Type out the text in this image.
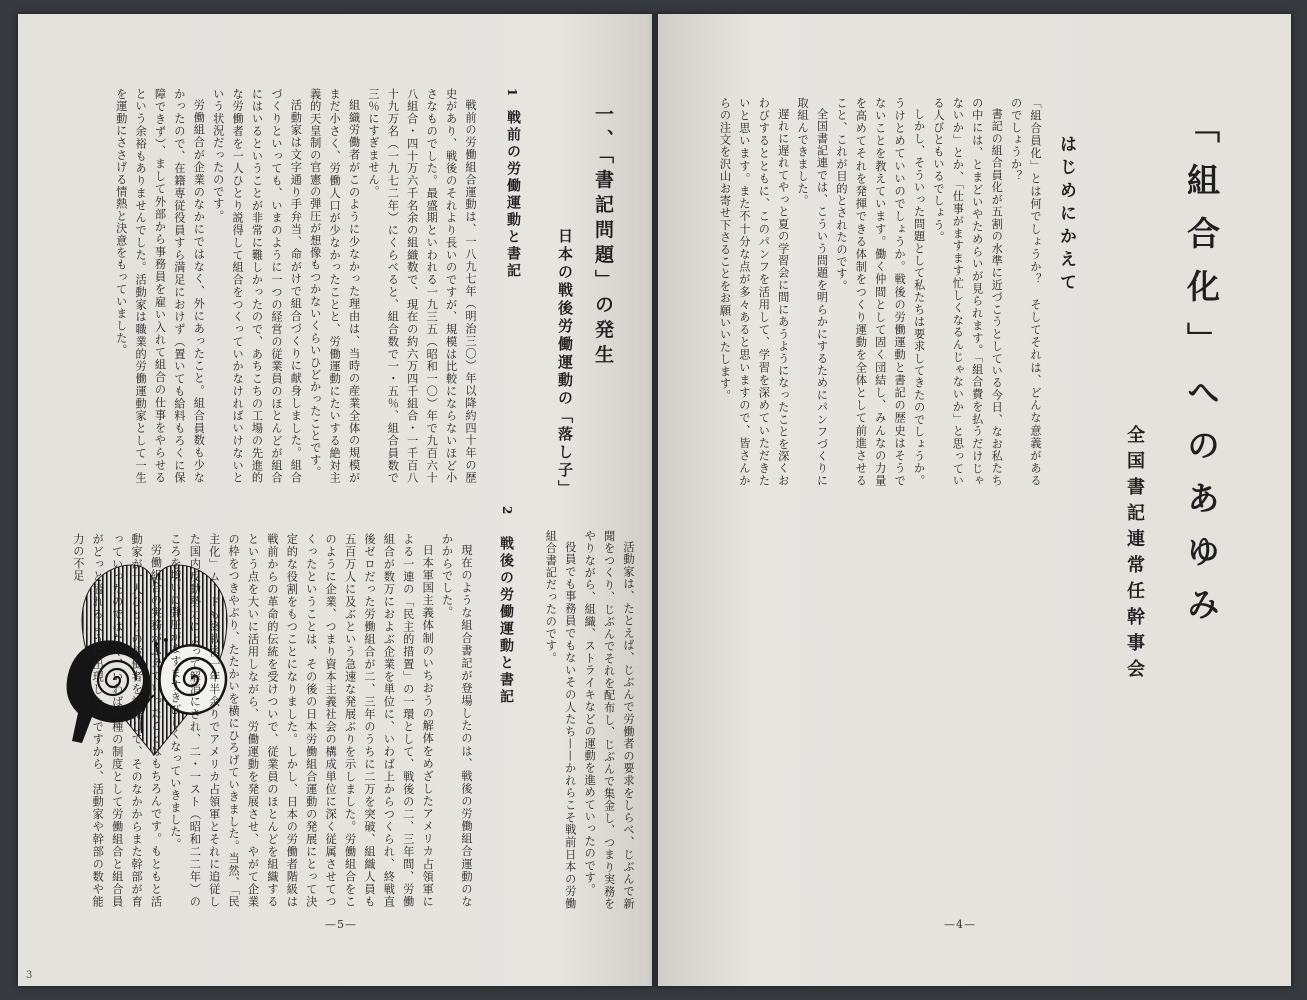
「組合化」へのあゆみ
全国書記連常任幹事会
はじめにかえて

「組合員化」とは何でしょうか？　そしてそれは、どんな意義があるのでしょうか？

書記の組合員化が五割の水準に近づこうとしている今日、なお私たちの中には、とまどいやためらいが見られます。「組合費を払うだけじゃないか」とか、「仕事がますます忙しくなるんじゃないか」と思っている人びともいるでしょう。

しかし、そういった問題として私たちは要求してきたのでしょうか。うけとめていいのでしょうか。戦後の労働運動と書記の歴史はそうでないことを教えています。働く仲間として固く団結し、みんなの力量を高めてそれを発揮できる体制をつくり運動を全体として前進させること、これが目的とされたのです。

全国書記連では、こういう問題を明らかにするためにパンフづくりに取組んできました。

遅れに遅れてやっと夏の学習会に間にあうようになったことを深くおわびするとともに、このパンフを活用して、学習を深めていただきたいと思います。また不十分な点が多々あると思いますので、皆さんからの注文を沢山お寄せ下さることをお願いいたします。

—4—
一、「書記問題」の発生
日本の戦後労働運動の「落し子」
1
戦前の労働運動と書記

戦前の労働組合運動は、一八九七年（明治三〇）年以降約四十年の歴史があり、戦後のそれより長いのですが、規模は比較にならないほど小さなものでした。最盛期といわれる一九三五（昭和一〇）年で九百六十八組合・四十万六千名余の組織数で、現在の約六万四千組合・一千百八十九万名（一九七二年）にくらべると、組合数で一・五％、組合員数で三％にすぎません。

組織労働者がこのように少なかった理由は、当時の産業全体の規模がまだ小さく、労働人口が少なかったことと、労働運動にたいする絶対主義的天皇制の官憲の弾圧が想像もつかないくらいひどかったことです。

活動家は文字通り手弁当、命がけで組合づくりに献身しました。組合づくりといっても、いまのように一つの経営の従業員のほとんどが組合にはいるということが非常に難しかったので、あちこちの工場の先進的な労働者を一人ひとり説得して組合をつくっていかなければいけないという状況だったのです。

労働組合が企業のなかにではなく、外にあったこと。組合員数も少なかったので、在籍専従役員すら満足におけず（置いても給料もろくに保障できず）、まして外部から事務員を雇い入れて組合の仕事をやらせるという余裕もありませんでした。活動家は職業的労働運動家として一生を運動にささげる情熱と決意をもっていました。

活動家は、たとえば、じぶんで労働者の要求をしらべ、じぶんで新聞をつくり、じぶんでそれを配布し、じぶんで集金し、つまり実務をやりながら、組織、ストライキなどの運動を進めていったのです。

役員でも事務員でもないその人たち——かれらこそ戦前日本の労働組合書記だったのです。

2
戦後の労働運動と書記

現在のような組合書記が登場したのは、戦後の労働組合運動のなかからでした。

日本軍国主義体制のいちおうの解体をめざしたアメリカ占領軍による一連の「民主的措置」の一環として、戦後の二、三年間、労働組合が数万におよぶ企業を単位に、いわば上からつくられ、終戦直後ゼロだった労働組合が二、三年のうちに二万を突破、組織人員も五百万人に及ぶという急速な発展ぶりを示しました。労働組合をこのように企業、つまり資本主義社会の構成単位に深く従属させてつくったということは、その後の日本労働組合運動の発展にとって決定的な役割をもつことになりました。しかし、日本の労働者階級は戦前からの革命的伝統を受けついで、従業員のほとんどを組織するという点を大いに活用しながら、労働運動を発展させ、やがて企業の枠をつきやぶり、たたかいを横にひろげていきました。当然、「民主化」ムードも終戦後一年半余りでアメリカ占領軍とそれに追従した国内反動勢力によって解消にされ、二・一スト（昭和二二年）のころを境いに弾圧がますますきびしくなっていきました。

労働組合の実務がふえていったことはもちろんです。もともと活動家が一人ひとりの労働者を説得して、そのなかからまた幹部が育っていったのではなく、いわば一種の制度として労働組合と組合員がどっと溢れるように出現したのですから、活動家や幹部の数や能力の不足

—5—
3
